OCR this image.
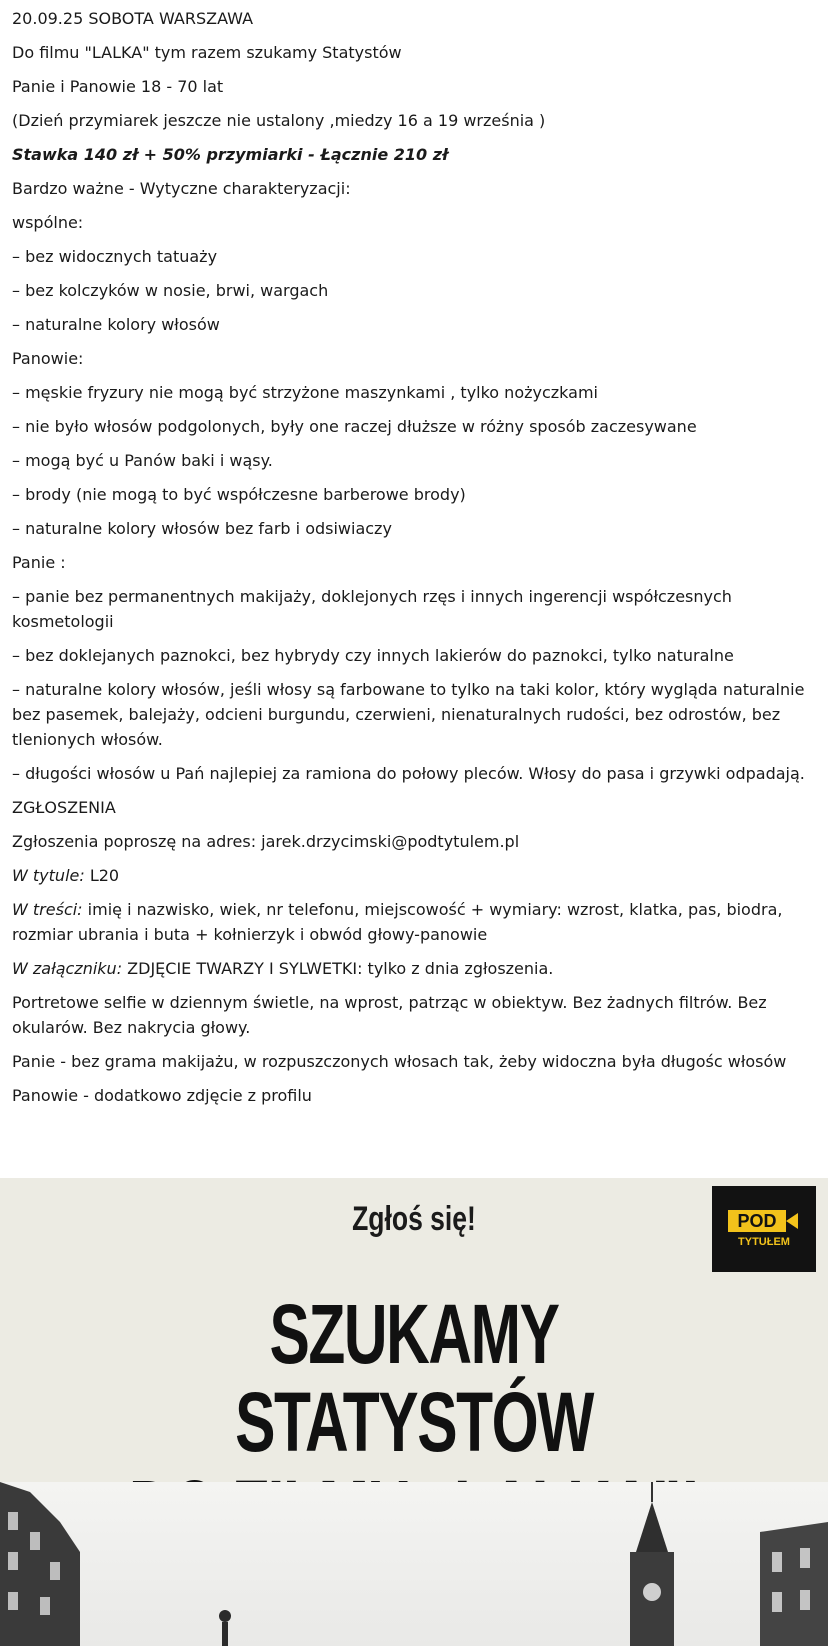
20.09.25 SOBOTA WARSZAWA

Do filmu "LALKA" tym razem szukamy Statystów

Panie i Panowie 18 - 70 lat

(Dzień przymiarek jeszcze nie ustalony ,miedzy 16 a 19 września )

Stawka 140 zł + 50% przymiarki - Łącznie 210 zł

Bardzo ważne - Wytyczne charakteryzacji:

wspólne:

– bez widocznych tatuaży

– bez kolczyków w nosie, brwi, wargach

– naturalne kolory włosów

Panowie:

– męskie fryzury nie mogą być strzyżone maszynkami , tylko nożyczkami

– nie było włosów podgolonych, były one raczej dłuższe w różny sposób zaczesywane

– mogą być u Panów baki i wąsy.

– brody (nie mogą to być współczesne barberowe brody)

– naturalne kolory włosów bez farb i odsiwiaczy

Panie :

– panie bez permanentnych makijaży, doklejonych rzęs i innych ingerencji współczesnych kosmetologii

– bez doklejanych paznokci, bez hybrydy czy innych lakierów do paznokci, tylko naturalne

– naturalne kolory włosów, jeśli włosy są farbowane to tylko na taki kolor, który wygląda naturalnie bez pasemek, balejaży, odcieni burgundu, czerwieni, nienaturalnych rudości, bez odrostów, bez tlenionych włosów.

– długości włosów u Pań najlepiej za ramiona do połowy pleców. Włosy do pasa i grzywki odpadają.

ZGŁOSZENIA

Zgłoszenia poproszę na adres: jarek.drzycimski@podtytulem.pl

W tytule: L20

W treści: imię i nazwisko, wiek, nr telefonu, miejscowość + wymiary: wzrost, klatka, pas, biodra, rozmiar ubrania i buta + kołnierzyk i obwód głowy-panowie

W załączniku: ZDJĘCIE TWARZY I SYLWETKI: tylko z dnia zgłoszenia.

Portretowe selfie w dziennym świetle, na wprost, patrząc w obiektyw. Bez żadnych filtrów. Bez okularów. Bez nakrycia głowy.

Panie - bez grama makijażu, w rozpuszczonych włosach tak, żeby widoczna była długośc włosów

Panowie - dodatkowo zdjęcie z profilu

Zgłoś się!	POD
TYTUŁEM
SZUKAMY STATYSTÓW
